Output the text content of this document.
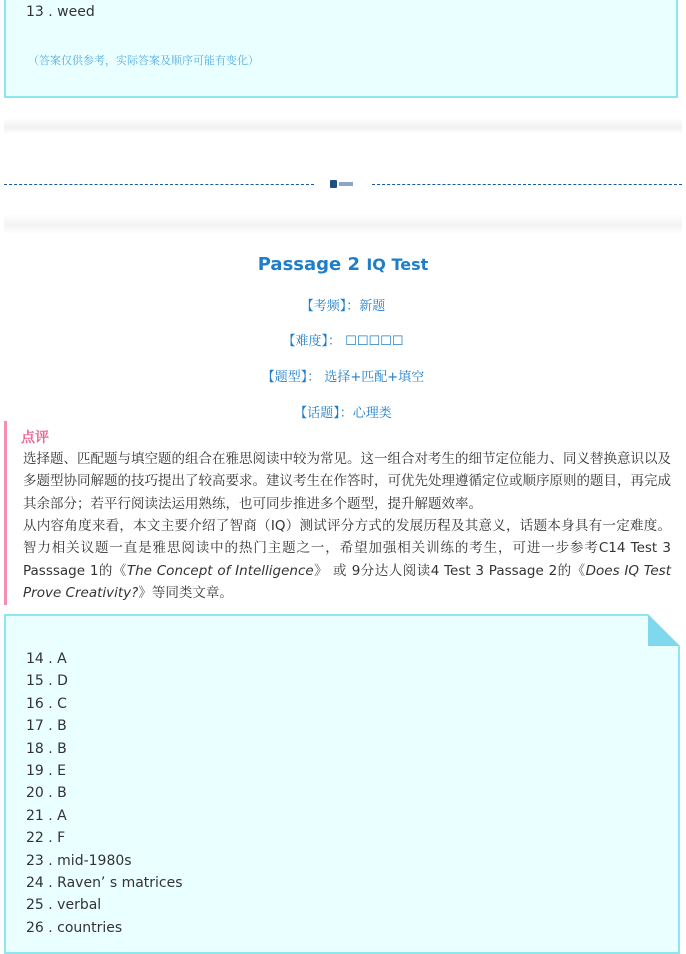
13 . weed
（答案仅供参考，实际答案及顺序可能有变化）
Passage 2 IQ Test
【考频】：新题
【难度】： ☐☐☐☐☐
【题型】： 选择+匹配+填空
【话题】：心理类
点评

选择题、匹配题与填空题的组合在雅思阅读中较为常见。这一组合对考生的细节定位能力、同义替换意识以及多题型协同解题的技巧提出了较高要求。建议考生在作答时，可优先处理遵循定位或顺序原则的题目，再完成其余部分；若平行阅读法运用熟练，也可同步推进多个题型，提升解题效率。

从内容角度来看，本文主要介绍了智商（IQ）测试评分方式的发展历程及其意义，话题本身具有一定难度。智力相关议题一直是雅思阅读中的热门主题之一，希望加强相关训练的考生，可进一步参考C14 Test 3 Passsage 1的《The Concept of Intelligence》 或 9分达人阅读4 Test 3 Passage 2的《Does IQ Test Prove Creativity?》等同类文章。

14 . A
15 . D
16 . C
17 . B
18 . B
19 . E
20 . B
21 . A
22 . F
23 . mid-1980s
24 . Raven’ s matrices
25 . verbal
26 . countries
